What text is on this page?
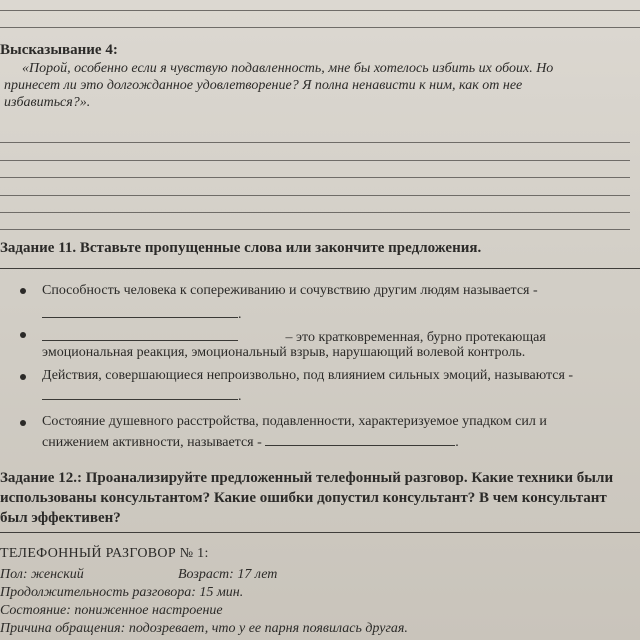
Высказывание 4:
«Порой, особенно если я чувствую подавленность, мне бы хотелось избить их обоих. Но
принесет ли это долгожданное удовлетворение? Я полна ненависти к ним, как от нее
избавиться?».
Задание 11. Вставьте пропущенные слова или закончите предложения.
Способность человека к сопереживанию и сочувствию другим людям называется -
.
– это кратковременная, бурно протекающая
эмоциональная реакция, эмоциональный взрыв, нарушающий волевой контроль.
Действия, совершающиеся непроизвольно, под влиянием сильных эмоций, называются -
.
Состояние душевного расстройства, подавленности, характеризуемое упадком сил и
снижением активности, называется -	.
Задание 12.: Проанализируйте предложенный телефонный разговор. Какие техники были
использованы консультантом? Какие ошибки допустил консультант? В чем консультант
был эффективен?
ТЕЛЕФОННЫЙ РАЗГОВОР № 1:
Пол: женский	Возраст: 17 лет
Продолжительность разговора: 15 мин.
Состояние: пониженное настроение
Причина обращения: подозревает, что у ее парня появилась другая.
